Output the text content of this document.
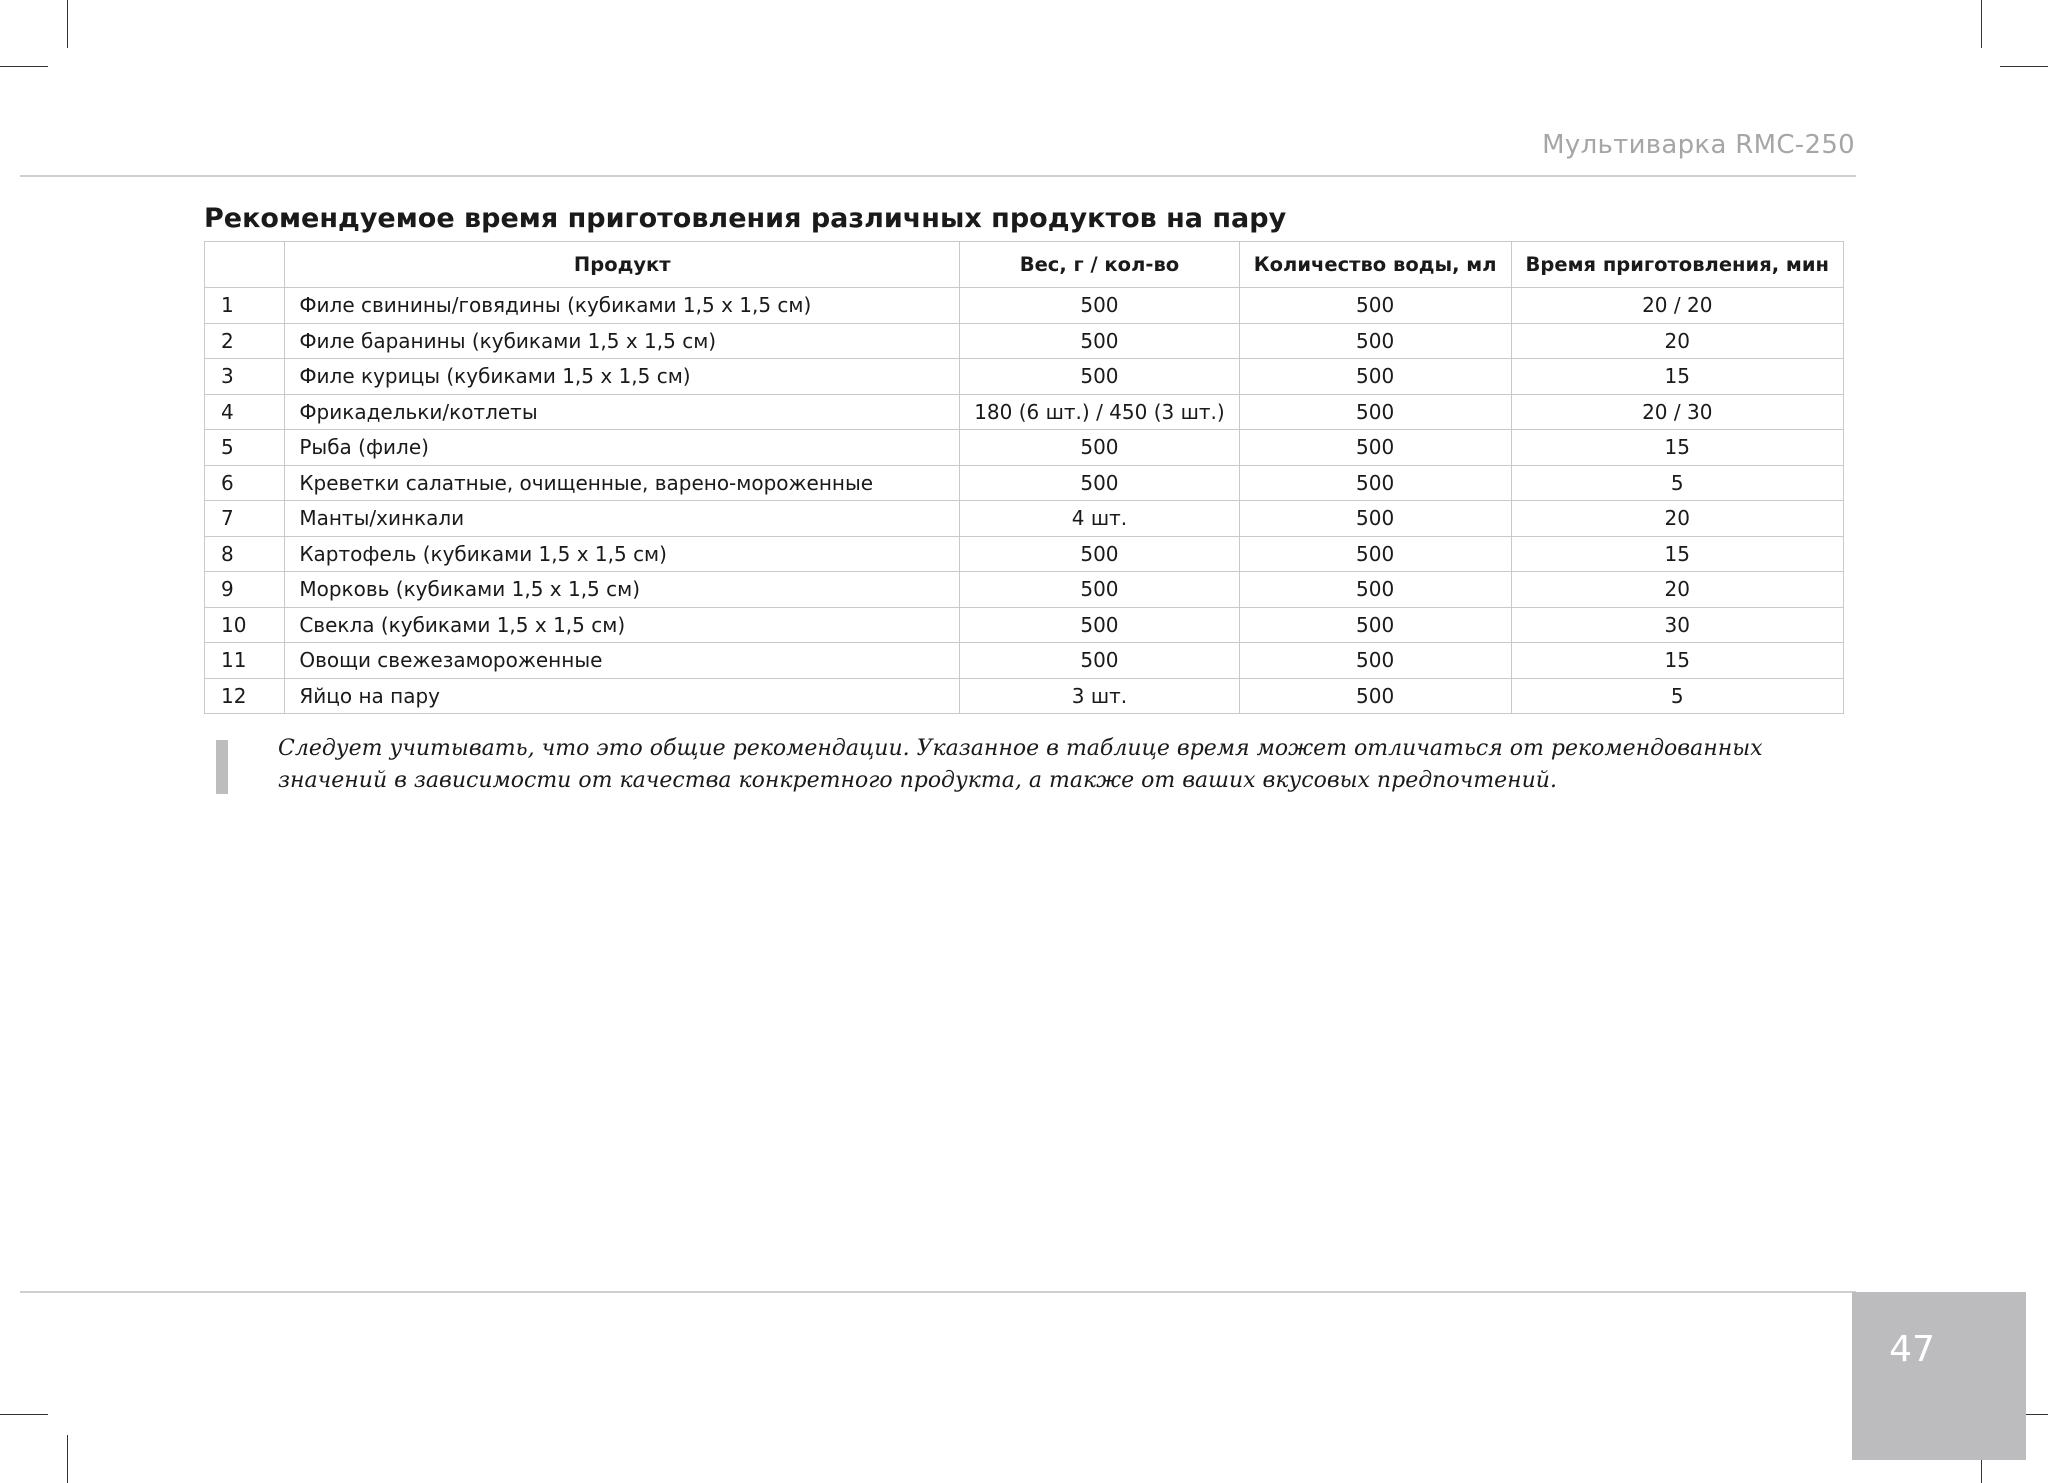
Мультиварка RMC-250
Рекомендуемое время приготовления различных продуктов на пару
	Продукт	Вес, г / кол-во	Количество воды, мл	Время приготовления, мин
1	Филе свинины/говядины (кубиками 1,5 х 1,5 см)	500	500	20 / 20
2	Филе баранины (кубиками 1,5 х 1,5 см)	500	500	20
3	Филе курицы (кубиками 1,5 х 1,5 см)	500	500	15
4	Фрикадельки/котлеты	180 (6 шт.) / 450 (3 шт.)	500	20 / 30
5	Рыба (филе)	500	500	15
6	Креветки салатные, очищенные, варено-мороженные	500	500	5
7	Манты/хинкали	4 шт.	500	20
8	Картофель (кубиками 1,5 х 1,5 см)	500	500	15
9	Морковь (кубиками 1,5 х 1,5 см)	500	500	20
10	Свекла (кубиками 1,5 х 1,5 см)	500	500	30
11	Овощи свежезамороженные	500	500	15
12	Яйцо на пару	3 шт.	500	5
Следует учитывать, что это общие рекомендации. Указанное в таблице время может отличаться от рекомендованных значений в зависимости от качества конкретного продукта, а также от ваших вкусовых предпочтений.
47
